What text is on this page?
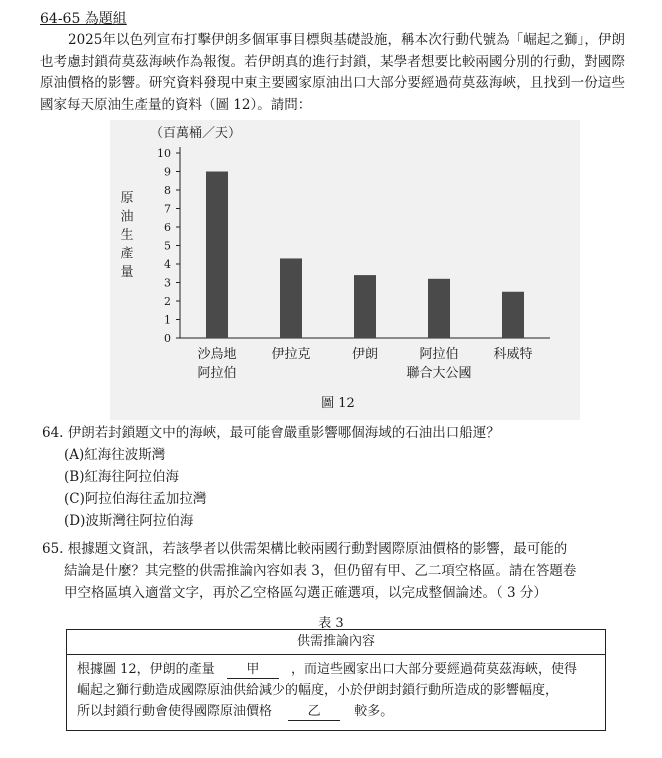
64-65 為題組
2025年以色列宣布打擊伊朗多個軍事目標與基礎設施，稱本次行動代號為「崛起之獅」，伊朗也考慮封鎖荷莫茲海峽作為報復。若伊朗真的進行封鎖，某學者想要比較兩國分別的行動，對國際原油價格的影響。研究資料發現中東主要國家原油出口大部分要經過荷莫茲海峽，且找到一份這些國家每天原油生產量的資料（圖 12）。請問：
（百萬桶／天）
原
油
生
產
量
0
1
2
3
4
5
6
7
8
9
10
沙烏地
阿拉伯
伊拉克	伊朗	阿拉伯
聯合大公國
科威特
圖 12
64. 伊朗若封鎖題文中的海峽，最可能會嚴重影響哪個海域的石油出口船運？
(A)紅海往波斯灣
(B)紅海往阿拉伯海
(C)阿拉伯海往孟加拉灣
(D)波斯灣往阿拉伯海
65. 根據題文資訊，若該學者以供需架構比較兩國行動對國際原油價格的影響，最可能的
結論是什麼？其完整的供需推論內容如表 3，但仍留有甲、乙二項空格區。請在答題卷
甲空格區填入適當文字，再於乙空格區勾選正確選項，以完成整個論述。（ 3 分）
表 3
供需推論內容
根據圖 12，伊朗的產量 甲 ，而這些國家出口大部分要經過荷莫茲海峽，使得
崛起之獅行動造成國際原油供給減少的幅度，小於伊朗封鎖行動所造成的影響幅度，
所以封鎖行動會使得國際原油價格	乙	較多。
